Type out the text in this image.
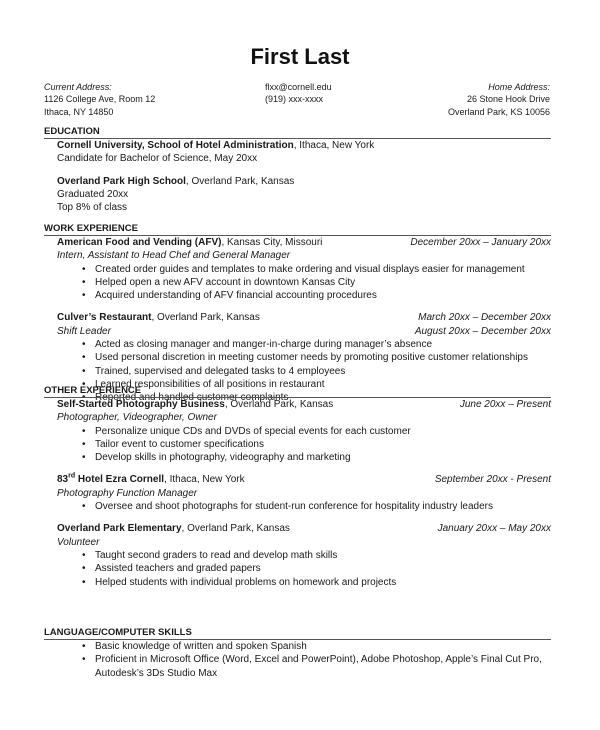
First Last
Current Address:
1126 College Ave, Room 12
Ithaca, NY 14850
flxx@cornell.edu
(919) xxx-xxxx
Home Address:
26 Stone Hook Drive
Overland Park, KS 10056
EDUCATION
Cornell University, School of Hotel Administration, Ithaca, New York
Candidate for Bachelor of Science, May 20xx
Overland Park High School, Overland Park, Kansas
Graduated 20xx
Top 8% of class
WORK EXPERIENCE
American Food and Vending (AFV), Kansas City, Missouri	December 20xx – January 20xx
Intern, Assistant to Head Chef and General Manager
• Created order guides and templates to make ordering and visual displays easier for management
• Helped open a new AFV account in downtown Kansas City
• Acquired understanding of AFV financial accounting procedures
Culver’s Restaurant, Overland Park, Kansas	March 20xx – December 20xx
Shift Leader	August 20xx – December 20xx
• Acted as closing manager and manger-in-charge during manager’s absence
• Used personal discretion in meeting customer needs by promoting positive customer relationships
• Trained, supervised and delegated tasks to 4 employees
• Learned responsibilities of all positions in restaurant
• Reported and handled customer complaints
OTHER EXPERIENCE
Self-Started Photography Business, Overland Park, Kansas	June 20xx – Present
Photographer, Videographer, Owner
• Personalize unique CDs and DVDs of special events for each customer
• Tailor event to customer specifications
• Develop skills in photography, videography and marketing
83rd Hotel Ezra Cornell, Ithaca, New York	September 20xx - Present
Photography Function Manager
• Oversee and shoot photographs for student-run conference for hospitality industry leaders
Overland Park Elementary, Overland Park, Kansas	January 20xx – May 20xx
Volunteer
• Taught second graders to read and develop math skills
• Assisted teachers and graded papers
• Helped students with individual problems on homework and projects
LANGUAGE/COMPUTER SKILLS
• Basic knowledge of written and spoken Spanish
• Proficient in Microsoft Office (Word, Excel and PowerPoint), Adobe Photoshop, Apple’s Final Cut Pro,
Autodesk’s 3Ds Studio Max
